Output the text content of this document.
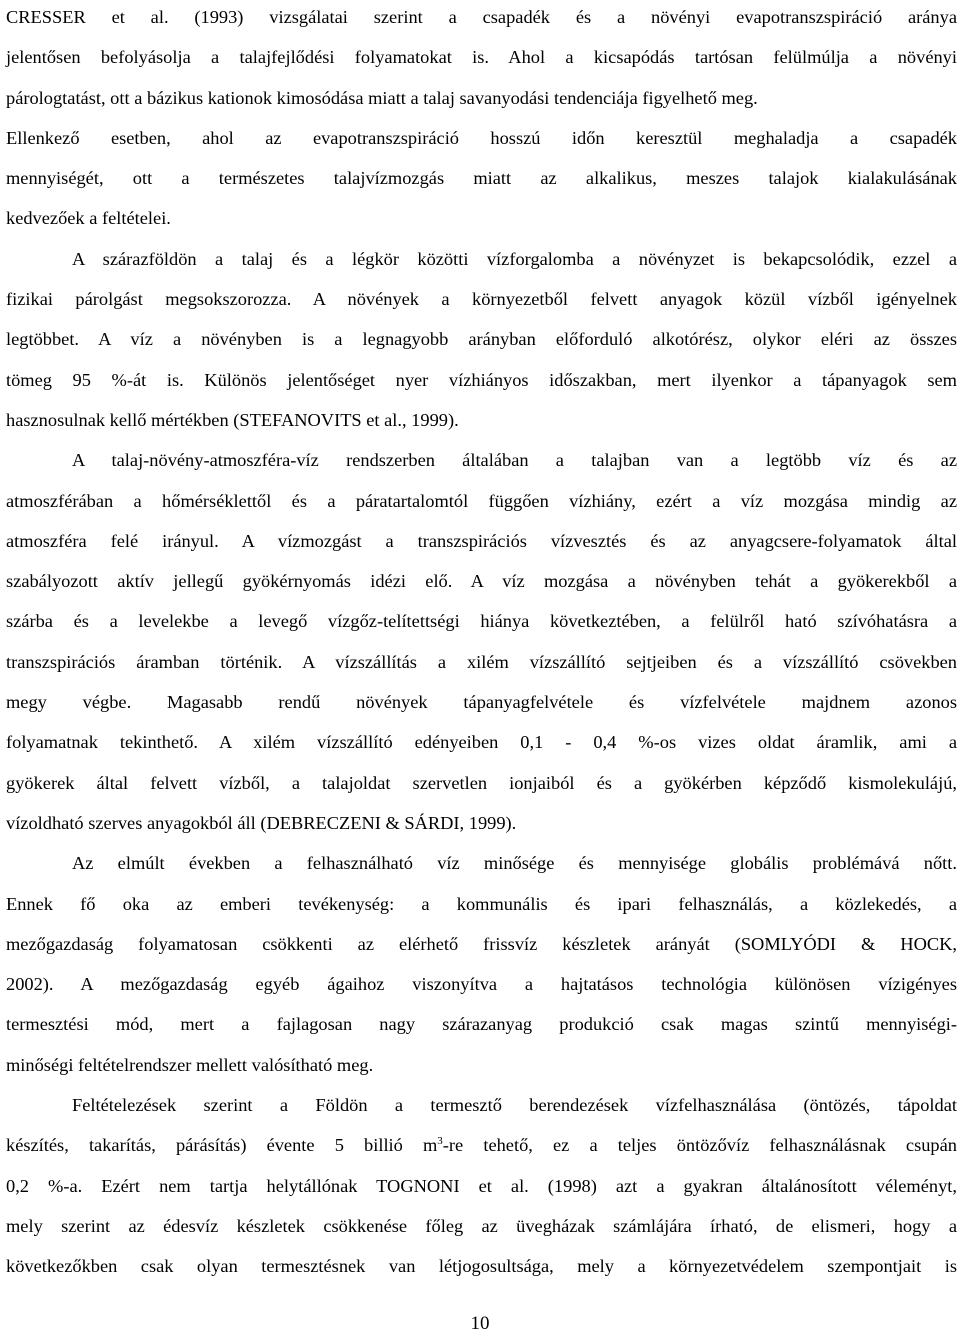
CRESSER et al. (1993) vizsgálatai szerint a csapadék és a növényi evapotranszspiráció aránya
jelentősen befolyásolja a talajfejlődési folyamatokat is. Ahol a kicsapódás tartósan felülmúlja a növényi
párologtatást, ott a bázikus kationok kimosódása miatt a talaj savanyodási tendenciája figyelhető meg.
Ellenkező esetben, ahol az evapotranszspiráció hosszú időn keresztül meghaladja a csapadék
mennyiségét, ott a természetes talajvízmozgás miatt az alkalikus, meszes talajok kialakulásának
kedvezőek a feltételei.
A szárazföldön a talaj és a légkör közötti vízforgalomba a növényzet is bekapcsolódik, ezzel a
fizikai párolgást megsokszorozza. A növények a környezetből felvett anyagok közül vízből igényelnek
legtöbbet. A víz a növényben is a legnagyobb arányban előforduló alkotórész, olykor eléri az összes
tömeg 95 %-át is. Különös jelentőséget nyer vízhiányos időszakban, mert ilyenkor a tápanyagok sem
hasznosulnak kellő mértékben (STEFANOVITS et al., 1999).
A talaj-növény-atmoszféra-víz rendszerben általában a talajban van a legtöbb víz és az
atmoszférában a hőmérséklettől és a páratartalomtól függően vízhiány, ezért a víz mozgása mindig az
atmoszféra felé irányul. A vízmozgást a transzspirációs vízvesztés és az anyagcsere-folyamatok által
szabályozott aktív jellegű gyökérnyomás idézi elő. A víz mozgása a növényben tehát a gyökerekből a
szárba és a levelekbe a levegő vízgőz-telítettségi hiánya következtében, a felülről ható szívóhatásra a
transzspirációs áramban történik. A vízszállítás a xilém vízszállító sejtjeiben és a vízszállító csövekben
megy végbe. Magasabb rendű növények tápanyagfelvétele és vízfelvétele majdnem azonos
folyamatnak tekinthető. A xilém vízszállító edényeiben 0,1 - 0,4 %-os vizes oldat áramlik, ami a
gyökerek által felvett vízből, a talajoldat szervetlen ionjaiból és a gyökérben képződő kismolekulájú,
vízoldható szerves anyagokból áll (DEBRECZENI & SÁRDI, 1999).
Az elmúlt években a felhasználható víz minősége és mennyisége globális problémává nőtt.
Ennek fő oka az emberi tevékenység: a kommunális és ipari felhasználás, a közlekedés, a
mezőgazdaság folyamatosan csökkenti az elérhető frissvíz készletek arányát (SOMLYÓDI & HOCK,
2002). A mezőgazdaság egyéb ágaihoz viszonyítva a hajtatásos technológia különösen vízigényes
termesztési mód, mert a fajlagosan nagy szárazanyag produkció csak magas szintű mennyiségi-
minőségi feltételrendszer mellett valósítható meg.
Feltételezések szerint a Földön a termesztő berendezések vízfelhasználása (öntözés, tápoldat
készítés, takarítás, párásítás) évente 5 billió $m^3-re$ tehető, ez a teljes öntözővíz felhasználásnak csupán
0,2 %-a. Ezért nem tartja helytállónak TOGNONI et al. (1998) azt a gyakran általánosított véleményt,
mely szerint az édesvíz készletek csökkenése főleg az üvegházak számlájára írható, de elismeri, hogy a
következőkben csak olyan termesztésnek van létjogosultsága, mely a környezetvédelem szempontjait is
10
